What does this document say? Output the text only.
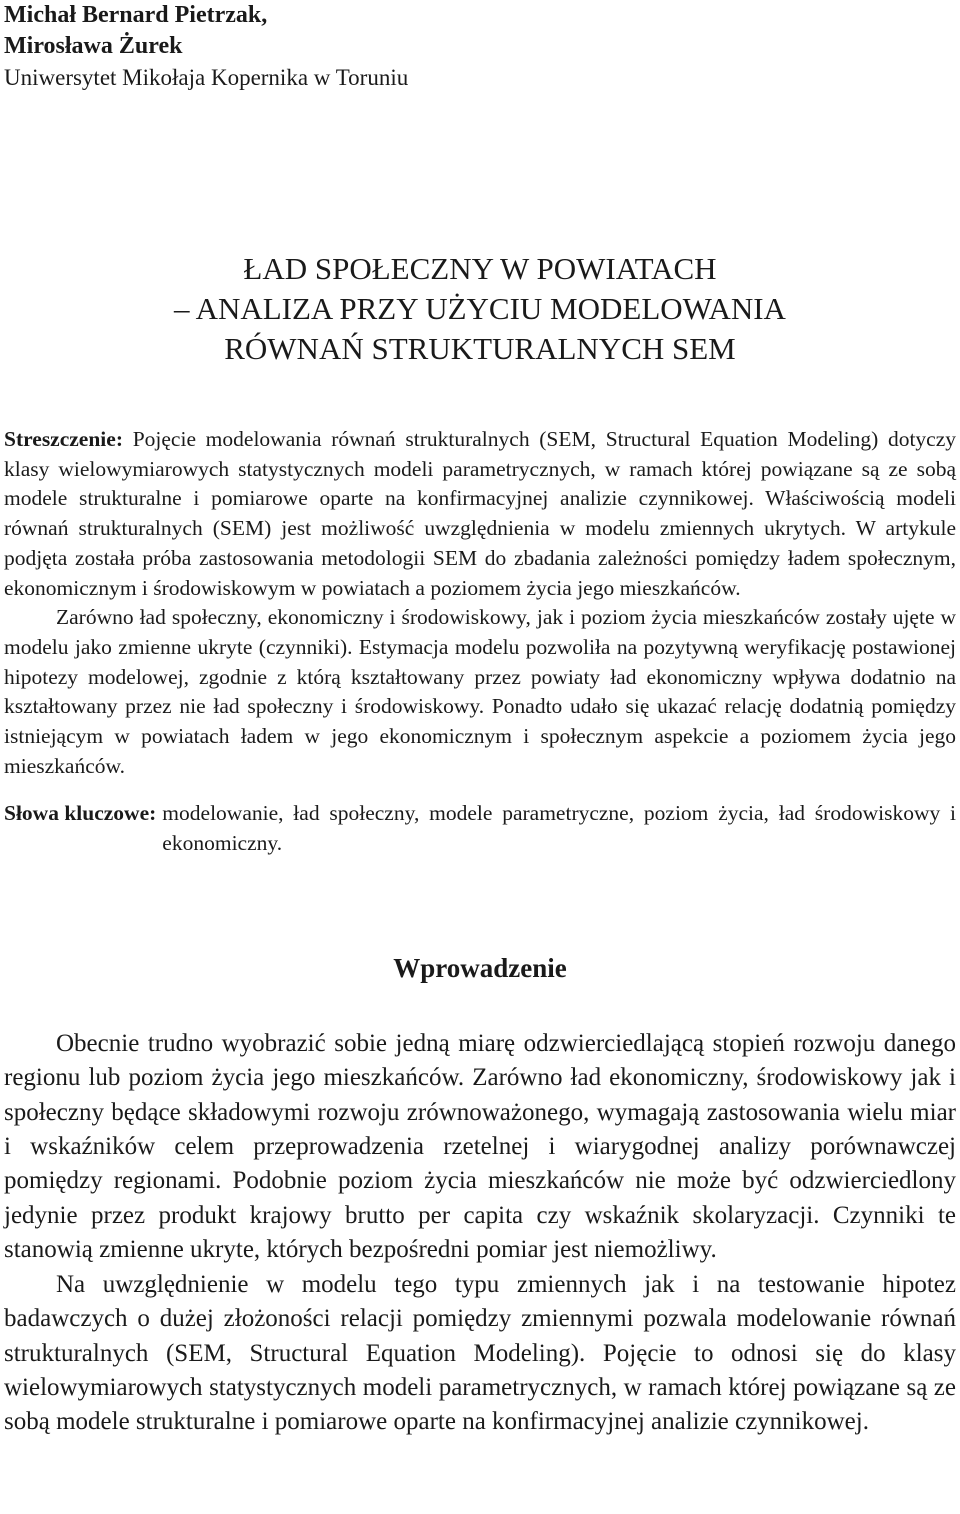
Michał Bernard Pietrzak,
Mirosława Żurek
Uniwersytet Mikołaja Kopernika w Toruniu
ŁAD SPOŁECZNY W POWIATACH
– ANALIZA PRZY UŻYCIU MODELOWANIA
RÓWNAŃ STRUKTURALNYCH SEM

Streszczenie: Pojęcie modelowania równań strukturalnych (SEM, Structural Equation Modeling) dotyczy klasy wielowymiarowych statystycznych modeli parametrycznych, w ramach której powiązane są ze sobą modele strukturalne i pomiarowe oparte na konfirmacyjnej analizie czynnikowej. Właściwością modeli równań strukturalnych (SEM) jest możliwość uwzględnienia w modelu zmiennych ukrytych. W artykule podjęta została próba zastosowania metodologii SEM do zbadania zależności pomiędzy ładem społecznym, ekonomicznym i środowiskowym w powiatach a poziomem życia jego mieszkańców.

Zarówno ład społeczny, ekonomiczny i środowiskowy, jak i poziom życia mieszkańców zostały ujęte w modelu jako zmienne ukryte (czynniki). Estymacja modelu pozwoliła na pozytywną weryfikację postawionej hipotezy modelowej, zgodnie z którą kształtowany przez powiaty ład ekonomiczny wpływa dodatnio na kształtowany przez nie ład społeczny i środowiskowy. Ponadto udało się ukazać relację dodatnią pomiędzy istniejącym w powiatach ładem w jego ekonomicznym i społecznym aspekcie a poziomem życia jego mieszkańców.

Słowa kluczowe: modelowanie, ład społeczny, modele parametryczne, poziom życia, ład środowiskowy i ekonomiczny.
Wprowadzenie

Obecnie trudno wyobrazić sobie jedną miarę odzwierciedlającą stopień rozwoju danego regionu lub poziom życia jego mieszkańców. Zarówno ład ekonomiczny, środowiskowy jak i społeczny będące składowymi rozwoju zrównoważonego, wymagają zastosowania wielu miar i wskaźników celem przeprowadzenia rzetelnej i wiarygodnej analizy porównawczej pomiędzy regionami. Podobnie poziom życia mieszkańców nie może być odzwierciedlony jedynie przez produkt krajowy brutto per capita czy wskaźnik skolaryzacji. Czynniki te stanowią zmienne ukryte, których bezpośredni pomiar jest niemożliwy.

Na uwzględnienie w modelu tego typu zmiennych jak i na testowanie hipotez badawczych o dużej złożoności relacji pomiędzy zmiennymi pozwala modelowanie równań strukturalnych (SEM, Structural Equation Modeling). Pojęcie to odnosi się do klasy wielowymiarowych statystycznych modeli parametrycznych, w ramach której powiązane są ze sobą modele strukturalne i pomiarowe oparte na konfirmacyjnej analizie czynnikowej.
